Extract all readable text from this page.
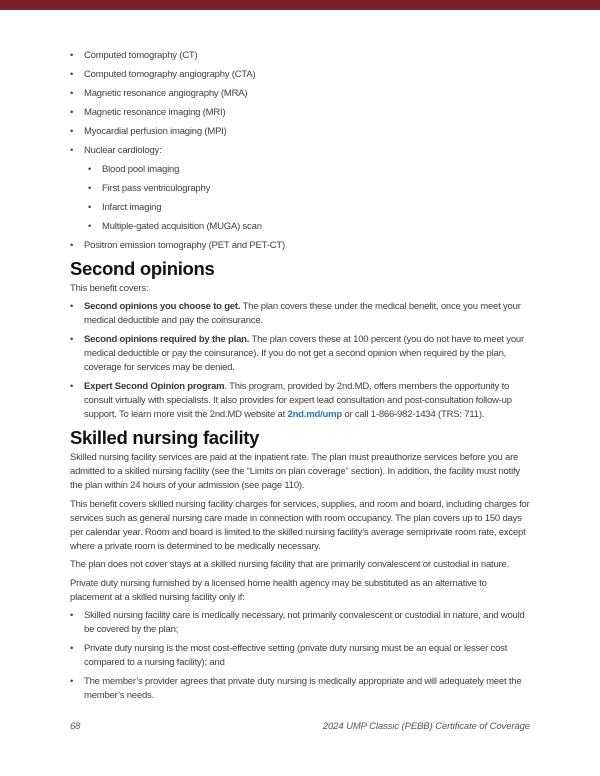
•	Computed tomography (CT)
•	Computed tomography angiography (CTA)
•	Magnetic resonance angiography (MRA)
•	Magnetic resonance imaging (MRI)
•	Myocardial perfusion imaging (MPI)
•	Nuclear cardiology:
•	Blood pool imaging
•	First pass ventriculography
•	Infarct imaging
•	Multiple-gated acquisition (MUGA) scan
•	Positron emission tomography (PET and PET-CT)
Second opinions

This benefit covers:

•	Second opinions you choose to get. The plan covers these under the medical benefit, once you meet your medical deductible and pay the coinsurance.
•	Second opinions required by the plan. The plan covers these at 100 percent (you do not have to meet your medical deductible or pay the coinsurance). If you do not get a second opinion when required by the plan, coverage for services may be denied.
•	Expert Second Opinion program. This program, provided by 2nd.MD, offers members the opportunity to consult virtually with specialists. It also provides for expert lead consultation and post-consultation follow-up support. To learn more visit the 2nd.MD website at 2nd.md/ump or call 1-866-982-1434 (TRS: 711).
Skilled nursing facility

Skilled nursing facility services are paid at the inpatient rate. The plan must preauthorize services before you are admitted to a skilled nursing facility (see the “Limits on plan coverage” section). In addition, the facility must notify the plan within 24 hours of your admission (see page 110).

This benefit covers skilled nursing facility charges for services, supplies, and room and board, including charges for services such as general nursing care made in connection with room occupancy. The plan covers up to 150 days per calendar year. Room and board is limited to the skilled nursing facility’s average semiprivate room rate, except where a private room is determined to be medically necessary.

The plan does not cover stays at a skilled nursing facility that are primarily convalescent or custodial in nature.

Private duty nursing furnished by a licensed home health agency may be substituted as an alternative to placement at a skilled nursing facility only if:

•	Skilled nursing facility care is medically necessary, not primarily convalescent or custodial in nature, and would be covered by the plan;
•	Private duty nursing is the most cost-effective setting (private duty nursing must be an equal or lesser cost compared to a nursing facility); and
•	The member’s provider agrees that private duty nursing is medically appropriate and will adequately meet the member’s needs.
68	2024 UMP Classic (PEBB) Certificate of Coverage
